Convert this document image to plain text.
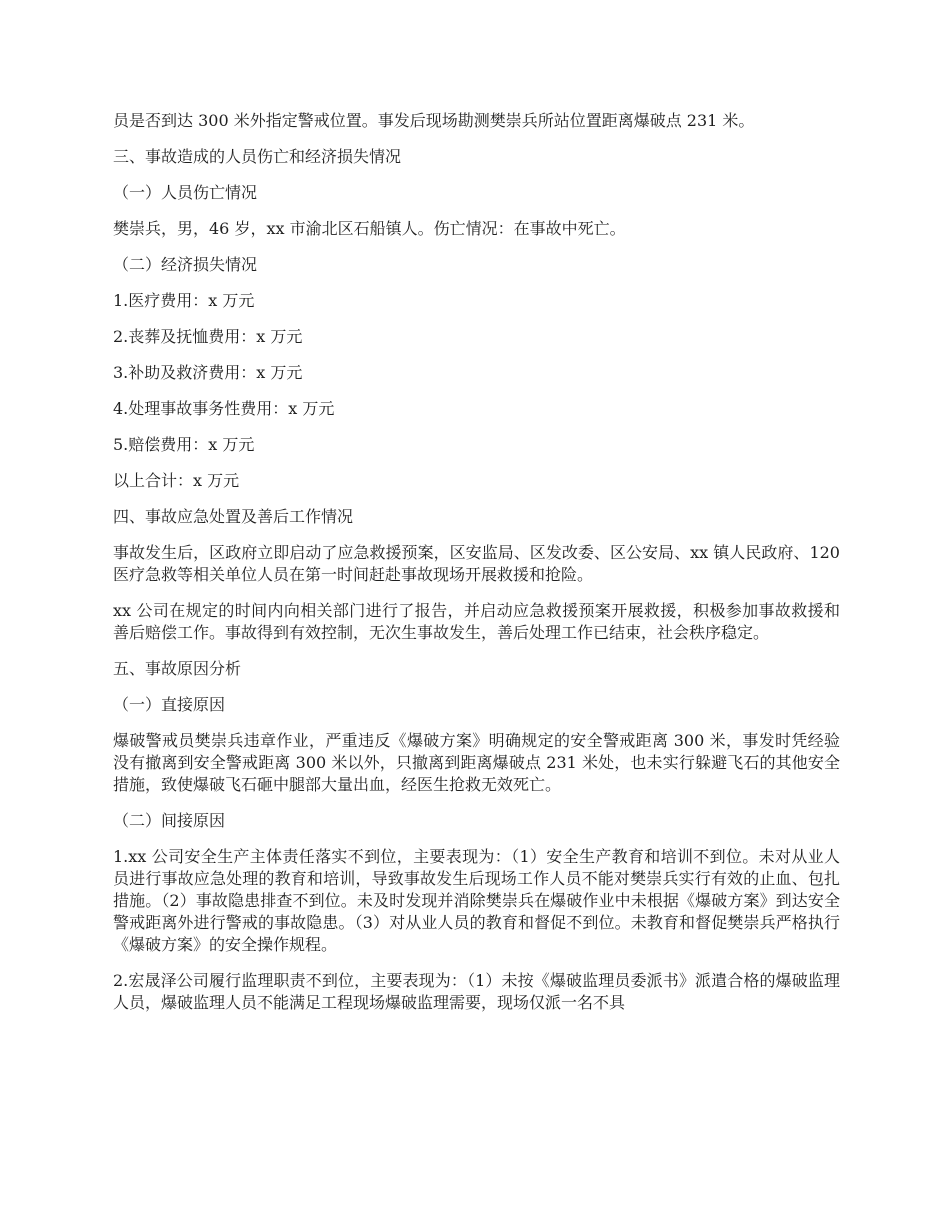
员是否到达 300 米外指定警戒位置。事发后现场勘测樊崇兵所站位置距离爆破点 231 米。

三、事故造成的人员伤亡和经济损失情况

（一）人员伤亡情况

樊崇兵，男，46 岁，xx 市渝北区石船镇人。伤亡情况：在事故中死亡。

（二）经济损失情况

1.医疗费用：x 万元

2.丧葬及抚恤费用：x 万元

3.补助及救济费用：x 万元

4.处理事故事务性费用：x 万元

5.赔偿费用：x 万元

以上合计：x 万元

四、事故应急处置及善后工作情况

事故发生后，区政府立即启动了应急救援预案，区安监局、区发改委、区公安局、xx 镇人民政府、120 医疗急救等相关单位人员在第一时间赶赴事故现场开展救援和抢险。

xx 公司在规定的时间内向相关部门进行了报告，并启动应急救援预案开展救援，积极参加事故救援和善后赔偿工作。事故得到有效控制，无次生事故发生，善后处理工作已结束，社会秩序稳定。

五、事故原因分析

（一）直接原因

爆破警戒员樊崇兵违章作业，严重违反《爆破方案》明确规定的安全警戒距离 300 米，事发时凭经验没有撤离到安全警戒距离 300 米以外，只撤离到距离爆破点 231 米处，也未实行躲避飞石的其他安全措施，致使爆破飞石砸中腿部大量出血，经医生抢救无效死亡。

（二）间接原因

1.xx 公司安全生产主体责任落实不到位，主要表现为：（1）安全生产教育和培训不到位。未对从业人员进行事故应急处理的教育和培训，导致事故发生后现场工作人员不能对樊崇兵实行有效的止血、包扎措施。（2）事故隐患排查不到位。未及时发现并消除樊崇兵在爆破作业中未根据《爆破方案》到达安全警戒距离外进行警戒的事故隐患。（3）对从业人员的教育和督促不到位。未教育和督促樊崇兵严格执行《爆破方案》的安全操作规程。

2.宏晟泽公司履行监理职责不到位，主要表现为：（1）未按《爆破监理员委派书》派遣合格的爆破监理人员，爆破监理人员不能满足工程现场爆破监理需要，现场仅派一名不具
